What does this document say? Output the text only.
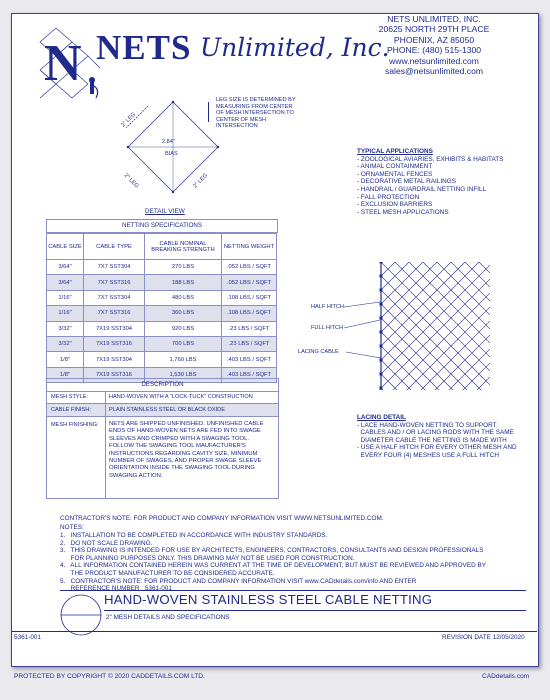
N NETS Unlimited, Inc.
NETS UNLIMITED, INC.
20625 NORTH 29TH PLACE
PHOENIX, AZ 85050
PHONE: (480) 515-1300
www.netsunlimited.com
sales@netsunlimited.com
2" LEG
2" LEG	2" LEG
2.84"
BIAS
DETAIL VIEW
LEG SIZE IS DETERMINED BY MEASURING FROM CENTER OF MESH INTERSECTION TO CENTER OF MESH INTERSECTION
NETTING SPECIFICATIONS
CABLE SIZE	CABLE TYPE	CABLE NOMINAL BREAKING STRENGTH	NETTING WEIGHT
3/64"	7X7 SST304	270 LBS	.052 LBS / SQFT
3/64"	7X7 SST316	188 LBS	.052 LBS / SQFT
1/16"	7X7 SST304	480 LBS	.108 LBS / SQFT
1/16"	7X7 SST316	360 LBS	.108 LBS / SQFT
3/32"	7X19 SST304	920 LBS	.23 LBS / SQFT
3/32"	7X19 SST316	700 LBS	.23 LBS / SQFT
1/8"	7X19 SST304	1,760 LBS	.403 LBS / SQFT
1/8"	7X19 SST316	1,530 LBS	.403 LBS / SQFT
DESCRIPTION
MESH STYLE:	HAND-WOVEN WITH A "LOCK-TUCK" CONSTRUCTION
CABLE FINISH:	PLAIN STAINLESS STEEL OR BLACK OXIDE
MESH FINISHING: NETS ARE SHIPPED UNFINISHED. UNFINISHED CABLE ENDS OF HAND-WOVEN NETS ARE FED INTO SWAGE SLEEVES AND CRIMPED WITH A SWAGING TOOL. FOLLOW THE SWAGING TOOL MAUFACTURER'S INSTRUCTIONS REGARDING CAVITY SIZE, MINIMUM NUMBER OF SWAGES, AND PROPER SWAGE SLEEVE ORIENTATION INSIDE THE SWAGING TOOL DURING SWAGING ACTION.
TYPICAL APPLICATIONS
- ZOOLOGICAL AVIARIES, EXHIBITS & HABITATS
- ANIMAL CONTAINMENT
- ORNAMENTAL FENCES
- DECORATIVE METAL RAILINGS
- HANDRAIL / GUARDRAIL NETTING INFILL
- FALL PROTECTION
- EXCLUSION BARRIERS
- STEEL MESH APPLICATIONS
HALF HITCH
FULL HITCH
LACING CABLE
LACING DETAIL
- LACE HAND-WOVEN NETTING TO SUPPORT
CABLES AND / OR LACING RODS WITH THE SAME
DIAMETER CABLE THE NETTING IS MADE WITH
- USE A HALF HITCH FOR EVERY OTHER MESH AND
EVERY FOUR (4) MESHES USE A FULL HITCH
CONTRACTOR'S NOTE: FOR PRODUCT AND COMPANY INFORMATION VISIT WWW.NETSUNLIMITED.COM.
NOTES:
1.   INSTALLATION TO BE COMPLETED IN ACCORDANCE WITH INDUSTRY STANDARDS.
2.   DO NOT SCALE DRAWING.
3.   THIS DRAWING IS INTENDED FOR USE BY ARCHITECTS, ENGINEERS, CONTRACTORS, CONSULTANTS AND DESIGN PROFESSIONALS
FOR PLANNING PURPOSES ONLY. THIS DRAWING MAY NOT BE USED FOR CONSTRUCTION.
4.   ALL INFORMATION CONTAINED HEREIN WAS CURRENT AT THE TIME OF DEVELOPMENT, BUT MUST BE REVIEWED AND APPROVED BY
THE PRODUCT MANUFACTURER TO BE CONSIDERED ACCURATE.
5.   CONTRACTOR'S NOTE: FOR PRODUCT AND COMPANY INFORMATION VISIT www.CADdetails.com/info AND ENTER
REFERENCE NUMBER   5361-001
HAND-WOVEN STAINLESS STEEL CABLE NETTING
2" MESH DETAILS AND SPECIFICATIONS
5361-001	REVISION DATE 12/05/2020
PROTECTED BY COPYRIGHT © 2020 CADDETAILS.COM LTD.	CADdetails.com
